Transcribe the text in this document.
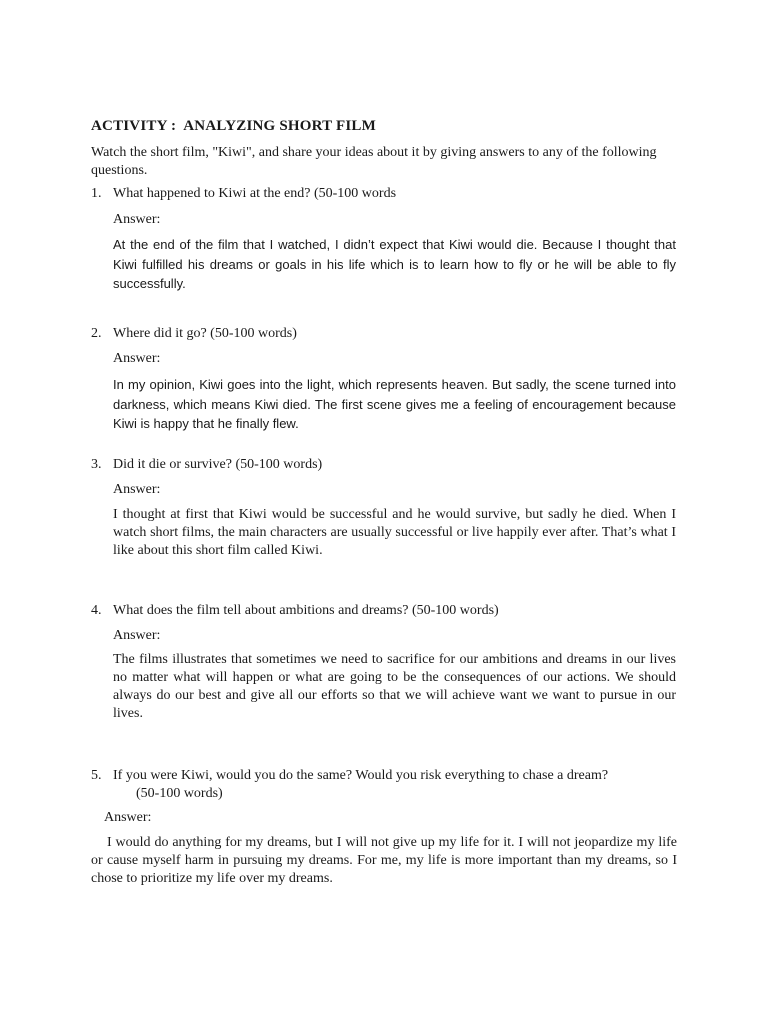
ACTIVITY :  ANALYZING SHORT FILM
Watch the short film, "Kiwi", and share your ideas about it by giving answers to any of the following questions.
1. What happened to Kiwi at the end? (50-100 words
Answer:
At the end of the film that I watched, I didn’t expect that Kiwi would die. Because I thought that Kiwi fulfilled his dreams or goals in his life which is to learn how to fly or he will be able to fly successfully.
2. Where did it go? (50-100 words)
Answer:
In my opinion, Kiwi goes into the light, which represents heaven. But sadly, the scene turned into darkness, which means Kiwi died. The first scene gives me a feeling of encouragement because Kiwi is happy that he finally flew.
3. Did it die or survive? (50-100 words)
Answer:
I thought at first that Kiwi would be successful and he would survive, but sadly he died. When I watch short films, the main characters are usually successful or live happily ever after. That’s what I like about this short film called Kiwi.
4. What does the film tell about ambitions and dreams? (50-100 words)
Answer:
The films illustrates that sometimes we need to sacrifice for our ambitions and dreams in our lives no matter what will happen or what are going to be the consequences of our actions. We should always do our best and give all our efforts so that we will achieve want we want to pursue in our lives.
5. If you were Kiwi, would you do the same? Would you risk everything to chase a dream?
(50-100 words)
Answer:
I would do anything for my dreams, but I will not give up my life for it. I will not jeopardize my life or cause myself harm in pursuing my dreams. For me, my life is more important than my dreams, so I chose to prioritize my life over my dreams.
